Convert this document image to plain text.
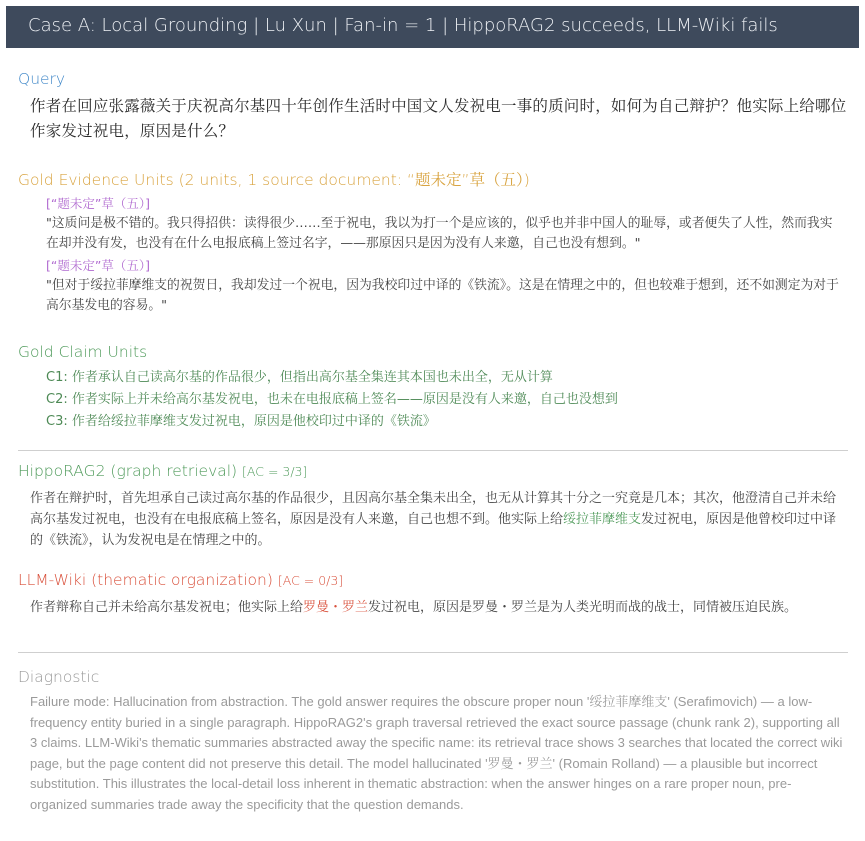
Case A: Local Grounding | Lu Xun | Fan-in = 1 | HippoRAG2 succeeds, LLM-Wiki fails
Query
作者在回应张露薇关于庆祝高尔基四十年创作生活时中国文人发祝电一事的质问时，如何为自己辩护？他实际上给哪位作家发过祝电，原因是什么？
Gold Evidence Units (2 units, 1 source document: “题未定”草（五）)
[“题未定”草（五）]
"这质问是极不错的。我只得招供：读得很少……至于祝电，我以为打一个是应该的，似乎也并非中国人的耻辱，或者便失了人性，然而我实在却并没有发，也没有在什么电报底稿上签过名字，——那原因只是因为没有人来邀，自己也没有想到。"
[“题未定”草（五）]
"但对于绥拉菲摩维支的祝贺日，我却发过一个祝电，因为我校印过中译的《铁流》。这是在情理之中的，但也较难于想到，还不如测定为对于高尔基发电的容易。"
Gold Claim Units
C1: 作者承认自己读高尔基的作品很少，但指出高尔基全集连其本国也未出全，无从计算
C2: 作者实际上并未给高尔基发祝电，也未在电报底稿上签名——原因是没有人来邀，自己也没想到
C3: 作者给绥拉菲摩维支发过祝电，原因是他校印过中译的《铁流》
HippoRAG2 (graph retrieval) [AC = 3/3]
作者在辩护时，首先坦承自己读过高尔基的作品很少，且因高尔基全集未出全，也无从计算其十分之一究竟是几本；其次，他澄清自己并未给高尔基发过祝电，也没有在电报底稿上签名，原因是没有人来邀，自己也想不到。他实际上给绥拉菲摩维支发过祝电，原因是他曾校印过中译的《铁流》，认为发祝电是在情理之中的。
LLM-Wiki (thematic organization) [AC = 0/3]
作者辩称自己并未给高尔基发祝电；他实际上给罗曼・罗兰发过祝电，原因是罗曼・罗兰是为人类光明而战的战士，同情被压迫民族。
Diagnostic
Failure mode: Hallucination from abstraction. The gold answer requires the obscure proper noun '绥拉菲摩维支' (Serafimovich) — a low-frequency entity buried in a single paragraph. HippoRAG2's graph traversal retrieved the exact source passage (chunk rank 2), supporting all 3 claims. LLM-Wiki's thematic summaries abstracted away the specific name: its retrieval trace shows 3 searches that located the correct wiki page, but the page content did not preserve this detail. The model hallucinated '罗曼・罗兰' (Romain Rolland) — a plausible but incorrect substitution. This illustrates the local-detail loss inherent in thematic abstraction: when the answer hinges on a rare proper noun, pre-organized summaries trade away the specificity that the question demands.
